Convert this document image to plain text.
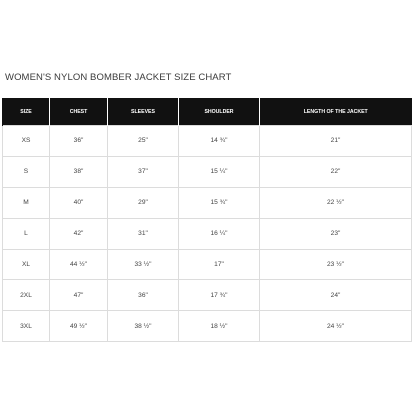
WOMEN'S NYLON BOMBER JACKET SIZE CHART
SIZE	CHEST	SLEEVES	SHOULDER	LENGTH OF THE JACKET
XS	36"	25"	14 ¾"	21"
S	38"	37"	15 ¼"	22"
M	40"	29"	15 ¾"	22 ½"
L	42"	31"	16 ¼"	23"
XL	44 ½"	33 ½"	17"	23 ½"
2XL	47"	36"	17 ¾"	24"
3XL	49 ½"	38 ½"	18 ½"	24 ½"
